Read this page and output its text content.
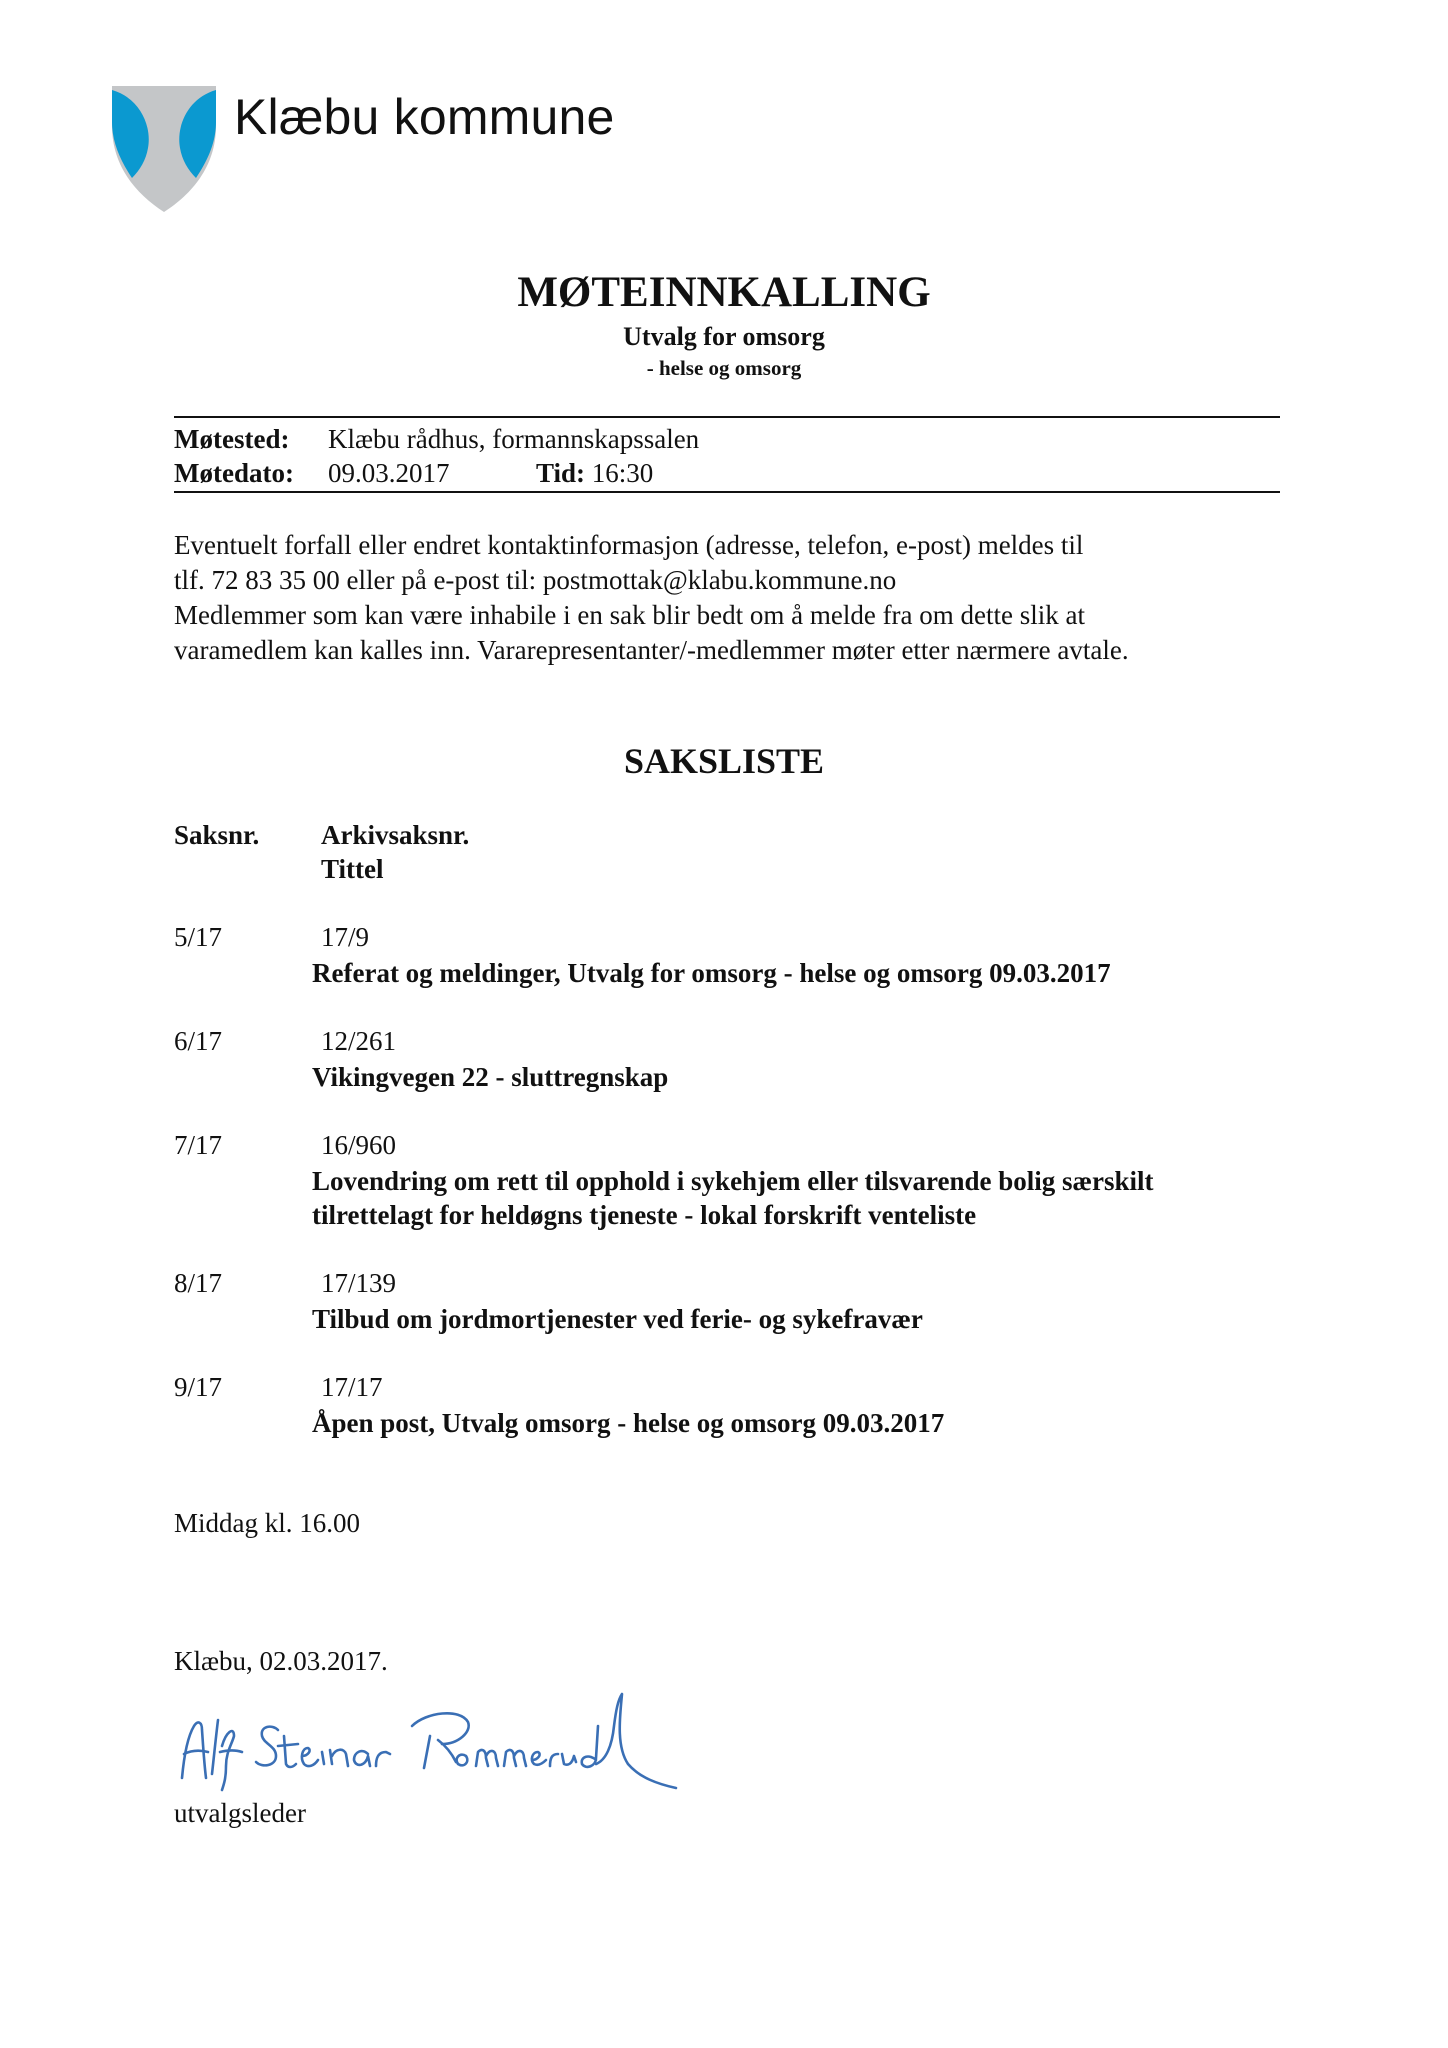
Klæbu kommune
MØTEINNKALLING
Utvalg for omsorg
- helse og omsorg
Møtested: Klæbu rådhus, formannskapssalen
Møtedato: 09.03.2017	Tid: 16:30
Eventuelt forfall eller endret kontaktinformasjon (adresse, telefon, e-post) meldes til
tlf. 72 83 35 00 eller på e-post til: postmottak@klabu.kommune.no
Medlemmer som kan være inhabile i en sak blir bedt om å melde fra om dette slik at
varamedlem kan kalles inn. Vararepresentanter/-medlemmer møter etter nærmere avtale.
SAKSLISTE
Saksnr. Arkivsaksnr.
Tittel
5/17	17/9
Referat og meldinger, Utvalg for omsorg - helse og omsorg 09.03.2017
6/17	12/261
Vikingvegen 22 - sluttregnskap
7/17	16/960
Lovendring om rett til opphold i sykehjem eller tilsvarende bolig særskilt
tilrettelagt for heldøgns tjeneste - lokal forskrift venteliste
8/17	17/139
Tilbud om jordmortjenester ved ferie- og sykefravær
9/17	17/17
Åpen post, Utvalg omsorg - helse og omsorg 09.03.2017
Middag kl. 16.00
Klæbu, 02.03.2017.
utvalgsleder
